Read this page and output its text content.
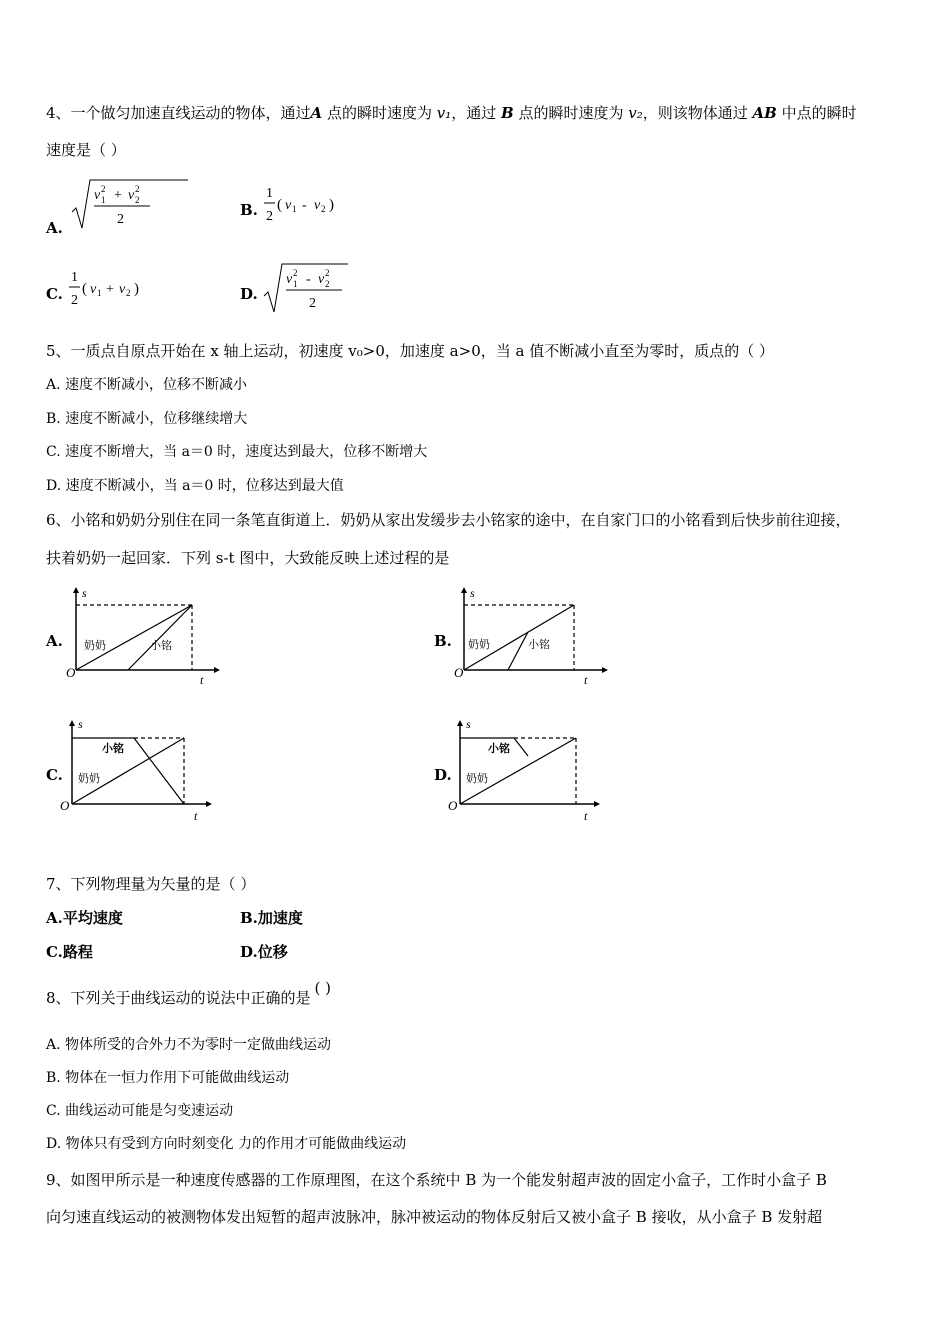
4、一个做匀加速直线运动的物体，通过A 点的瞬时速度为 v₁，通过 B 点的瞬时速度为 v₂，则该物体通过 AB 中点的瞬时
速度是（ ）
A.
v 1
2 + v 2
2
2
B.
1
2
( v 1 - v 2 )
C.
1
2
( v 1 + v 2 )	D.
v 1
2 - v 2
2
2
5、一质点自原点开始在 x 轴上运动，初速度 v₀>0，加速度 a>0，当 a 值不断减小直至为零时，质点的（ ）
A. 速度不断减小，位移不断减小
B. 速度不断减小，位移继续增大
C. 速度不断增大，当 a＝0 时，速度达到最大，位移不断增大
D. 速度不断减小，当 a＝0 时，位移达到最大值
6、小铭和奶奶分别住在同一条笔直街道上．奶奶从家出发缓步去小铭家的途中，在自家门口的小铭看到后快步前往迎接，
扶着奶奶一起回家．下列 s-t 图中，大致能反映上述过程的是
A.
s
t
O
奶奶	小铭	B.
s
t
O
奶奶	小铭
C.
s
t
O
小铭
奶奶	D.
s
t
O
小铭
奶奶
7、下列物理量为矢量的是（ ）
A.平均速度	B.加速度
C.路程	D.位移
8、下列关于曲线运动的说法中正确的是( )
A. 物体所受的合外力不为零时一定做曲线运动
B. 物体在一恒力作用下可能做曲线运动
C. 曲线运动可能是匀变速运动
D. 物体只有受到方向时刻变化 力的作用才可能做曲线运动
9、如图甲所示是一种速度传感器的工作原理图，在这个系统中 B 为一个能发射超声波的固定小盒子，工作时小盒子 B
向匀速直线运动的被测物体发出短暂的超声波脉冲，脉冲被运动的物体反射后又被小盒子 B 接收，从小盒子 B 发射超
